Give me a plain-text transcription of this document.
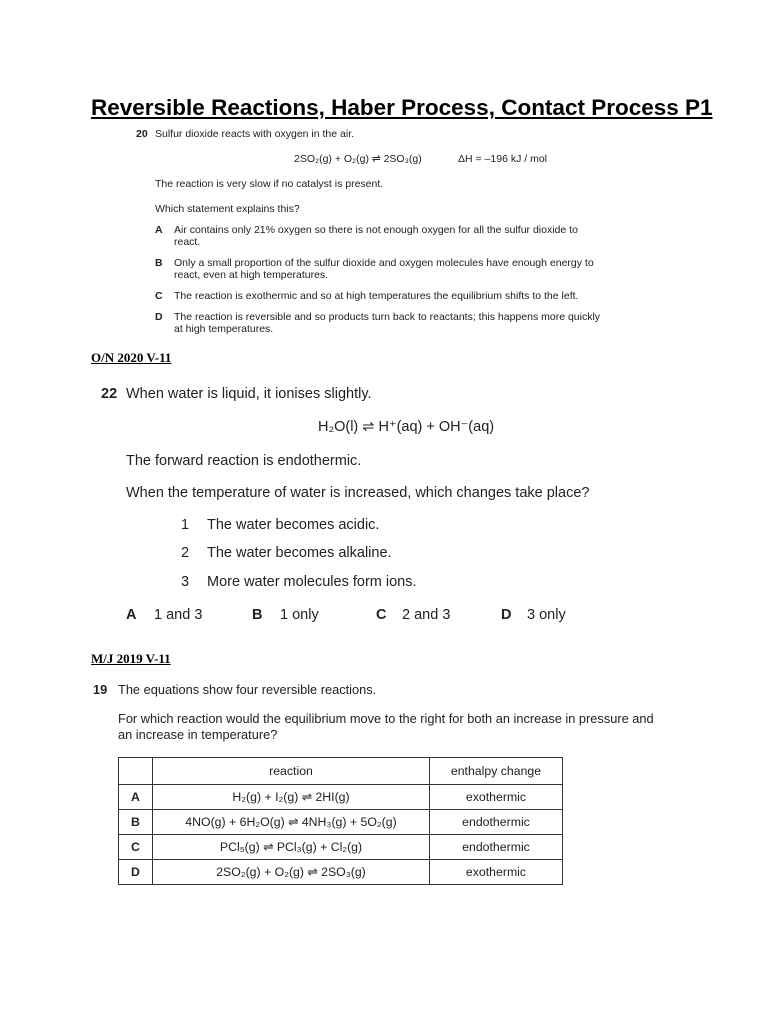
Reversible Reactions, Haber Process, Contact Process P1
20 Sulfur dioxide reacts with oxygen in the air.
2SO₂(g) + O₂(g) ⇌ 2SO₃(g)	ΔH = –196 kJ / mol
The reaction is very slow if no catalyst is present.
Which statement explains this?
A Air contains only 21% oxygen so there is not enough oxygen for all the sulfur dioxide to
react.
B Only a small proportion of the sulfur dioxide and oxygen molecules have enough energy to
react, even at high temperatures.
C The reaction is exothermic and so at high temperatures the equilibrium shifts to the left.
D The reaction is reversible and so products turn back to reactants; this happens more quickly
at high temperatures.
O/N 2020 V-11
22 When water is liquid, it ionises slightly.
H₂O(l) ⇌ H⁺(aq) + OH⁻(aq)
The forward reaction is endothermic.
When the temperature of water is increased, which changes take place?
1 The water becomes acidic.
2 The water becomes alkaline.
3 More water molecules form ions.
A 1 and 3	B 1 only	C 2 and 3	D 3 only
M/J 2019 V-11
19 The equations show four reversible reactions.
For which reaction would the equilibrium move to the right for both an increase in pressure and
an increase in temperature?
	reaction	enthalpy change
A	H₂(g) + I₂(g) ⇌ 2HI(g)	exothermic
B	4NO(g) + 6H₂O(g) ⇌ 4NH₃(g) + 5O₂(g)	endothermic
C	PCl₅(g) ⇌ PCl₃(g) + Cl₂(g)	endothermic
D	2SO₂(g) + O₂(g) ⇌ 2SO₃(g)	exothermic
